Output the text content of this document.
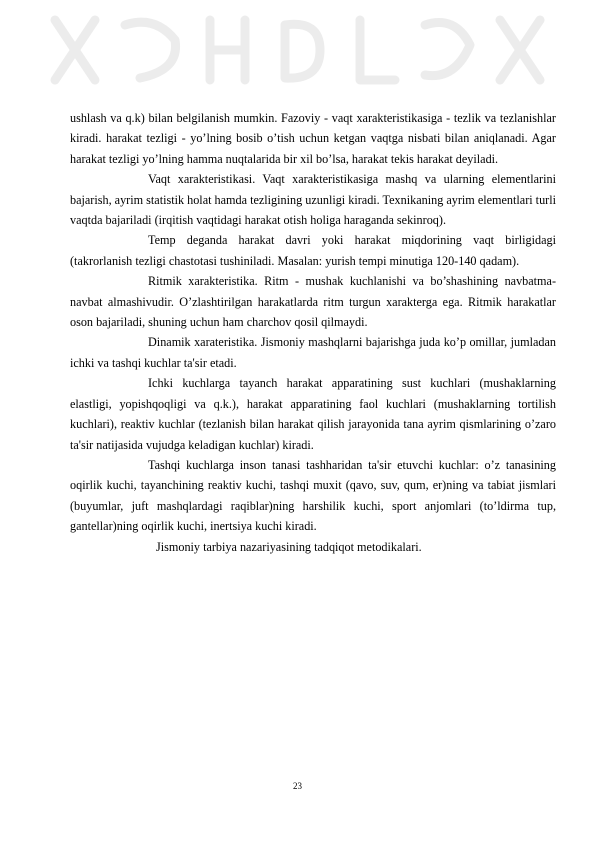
ushlash va q.k) bilan belgilanish mumkin. Fazoviy - vaqt xarakteristikasiga - tezlik va tezlanishlar kiradi. harakat tezligi - yo’lning bosib o’tish uchun ketgan vaqtga nisbati bilan aniqlanadi. Agar harakat tezligi yo’lning hamma nuqtalarida bir xil bo’lsa, harakat tekis harakat deyiladi.

Vaqt xarakteristikasi. Vaqt xarakteristikasiga mashq va ularning elementlarini bajarish, ayrim statistik holat hamda tezligining uzunligi kiradi. Texnikaning ayrim elementlari turli vaqtda bajariladi (irqitish vaqtidagi harakat otish holiga haraganda sekinroq).

Temp deganda harakat davri yoki harakat miqdorining vaqt birligidagi (takrorlanish tezligi chastotasi tushiniladi. Masalan: yurish tempi minutiga 120-140 qadam).

Ritmik xarakteristika. Ritm - mushak kuchlanishi va bo’shashining navbatma-navbat almashivudir. O’zlashtirilgan harakatlarda ritm turgun xarakterga ega. Ritmik harakatlar oson bajariladi, shuning uchun ham charchov qosil qilmaydi.

Dinamik xarateristika. Jismoniy mashqlarni bajarishga juda ko’p omillar, jumladan ichki va tashqi kuchlar ta'sir etadi.

Ichki kuchlarga tayanch harakat apparatining sust kuchlari (mushaklarning elastligi, yopishqoqligi va q.k.), harakat apparatining faol kuchlari (mushaklarning tortilish kuchlari), reaktiv kuchlar (tezlanish bilan harakat qilish jarayonida tana ayrim qismlarining o’zaro ta'sir natijasida vujudga keladigan kuchlar) kiradi.

Tashqi kuchlarga inson tanasi tashharidan ta'sir etuvchi kuchlar: o’z tanasining oqirlik kuchi, tayanchining reaktiv kuchi, tashqi muxit (qavo, suv, qum, er)ning va tabiat jismlari (buyumlar, juft mashqlardagi raqiblar)ning harshilik kuchi, sport anjomlari (to’ldirma tup, gantellar)ning oqirlik kuchi, inertsiya kuchi kiradi.

Jismoniy tarbiya nazariyasining tadqiqot metodikalari.

23
